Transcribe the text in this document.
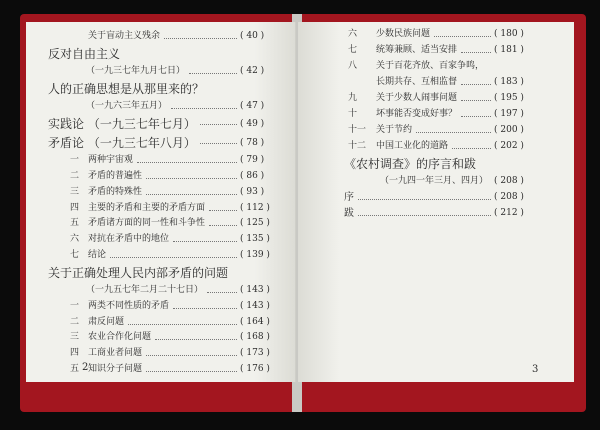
关于盲动主义残余	( 40 )
反对自由主义
（一九三七年九月七日）	( 42 )
人的正确思想是从那里来的？
（一九六三年五月）	( 47 )
实践论 （一九三七年七月）	( 49 )
矛盾论 （一九三七年八月）	( 78 )
一 两种宇宙观	( 79 )
二 矛盾的普遍性	( 86 )
三 矛盾的特殊性	( 93 )
四 主要的矛盾和主要的矛盾方面	( 112 )
五 矛盾诸方面的同一性和斗争性	( 125 )
六 对抗在矛盾中的地位	( 135 )
七 结论	( 139 )
关于正确处理人民内部矛盾的问题
（一九五七年二月二十七日）	( 143 )
一 两类不同性质的矛盾	( 143 )
二 肃反问题	( 164 )
三 农业合作化问题	( 168 )
四 工商业者问题	( 173 )
五 知识分子问题	( 176 )
2
六 少数民族问题	( 180 )
七 统筹兼顾、适当安排	( 181 )
八 关于百花齐放、百家争鸣，
长期共存、互相监督	( 183 )
九 关于少数人闹事问题	( 195 )
十 坏事能否变成好事？	( 197 )
十一 关于节约	( 200 )
十二 中国工业化的道路	( 202 )
《农村调查》的序言和跋
（一九四一年三月、四月） ( 208 )
序	( 208 )
跋	( 212 )
3
